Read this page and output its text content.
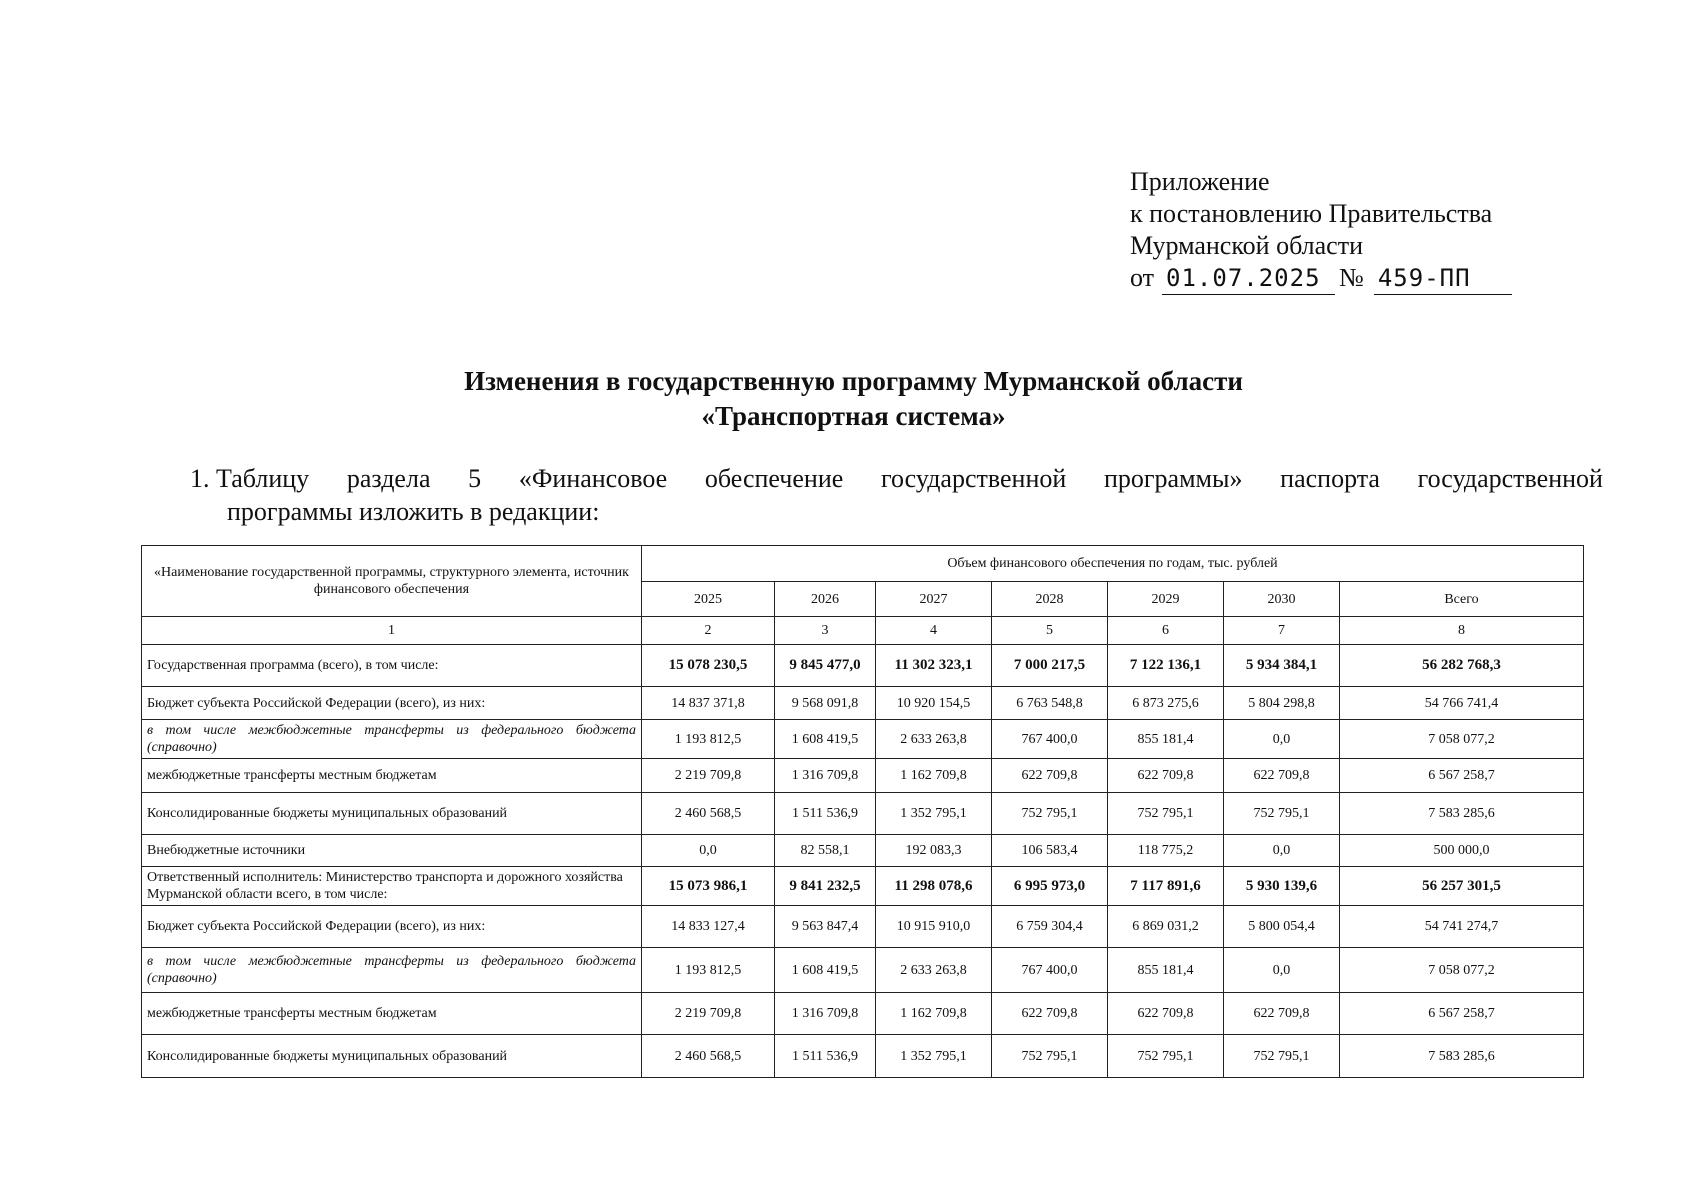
Приложение
к постановлению Правительства
Мурманской области
от 01.07.2025 № 459-ПП
Изменения в государственную программу Мурманской области
«Транспортная система»
1. Таблицу раздела 5 «Финансовое обеспечение государственной программы» паспорта государственной
программы изложить в редакции:
«Наименование государственной программы, структурного элемента, источник финансового обеспечения	Объем финансового обеспечения по годам, тыс. рублей						
	2025	2026	2027	2028	2029	2030	Всего
1	2	3	4	5	6	7	8
Государственная программа (всего), в том числе:	15 078 230,5	9 845 477,0	11 302 323,1	7 000 217,5	7 122 136,1	5 934 384,1	56 282 768,3
Бюджет субъекта Российской Федерации (всего), из них:	14 837 371,8	9 568 091,8	10 920 154,5	6 763 548,8	6 873 275,6	5 804 298,8	54 766 741,4
в том числе межбюджетные трансферты из федерального бюджета (справочно)	1 193 812,5	1 608 419,5	2 633 263,8	767 400,0	855 181,4	0,0	7 058 077,2
межбюджетные трансферты местным бюджетам	2 219 709,8	1 316 709,8	1 162 709,8	622 709,8	622 709,8	622 709,8	6 567 258,7
Консолидированные бюджеты муниципальных образований	2 460 568,5	1 511 536,9	1 352 795,1	752 795,1	752 795,1	752 795,1	7 583 285,6
Внебюджетные источники	0,0	82 558,1	192 083,3	106 583,4	118 775,2	0,0	500 000,0
Ответственный исполнитель: Министерство транспорта и дорожного хозяйства Мурманской области всего, в том числе:	15 073 986,1	9 841 232,5	11 298 078,6	6 995 973,0	7 117 891,6	5 930 139,6	56 257 301,5
Бюджет субъекта Российской Федерации (всего), из них:	14 833 127,4	9 563 847,4	10 915 910,0	6 759 304,4	6 869 031,2	5 800 054,4	54 741 274,7
в том числе межбюджетные трансферты из федерального бюджета (справочно)	1 193 812,5	1 608 419,5	2 633 263,8	767 400,0	855 181,4	0,0	7 058 077,2
межбюджетные трансферты местным бюджетам	2 219 709,8	1 316 709,8	1 162 709,8	622 709,8	622 709,8	622 709,8	6 567 258,7
Консолидированные бюджеты муниципальных образований	2 460 568,5	1 511 536,9	1 352 795,1	752 795,1	752 795,1	752 795,1	7 583 285,6
